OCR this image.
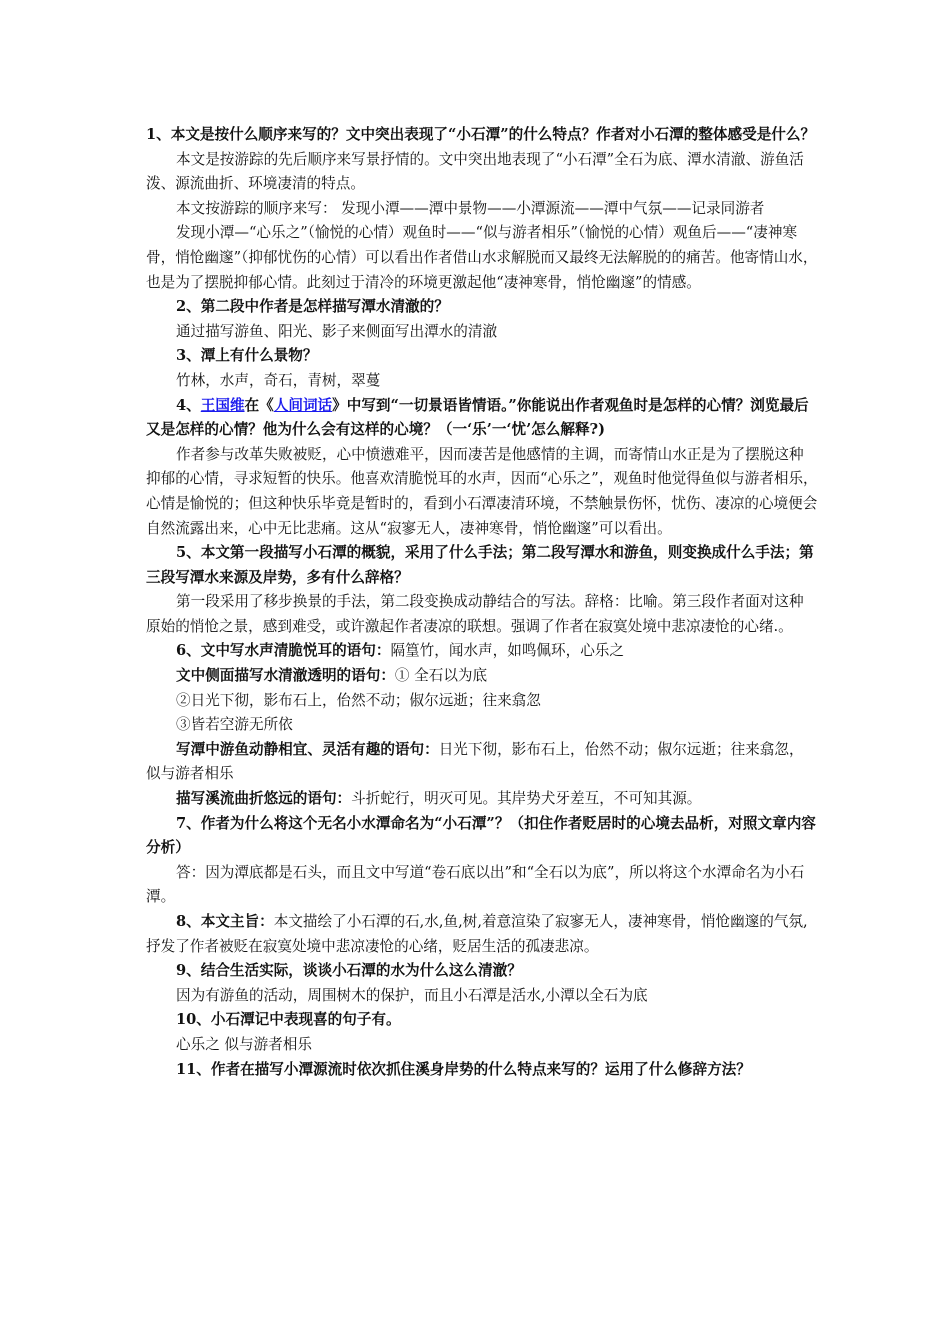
1、本文是按什么顺序来写的？文中突出表现了“小石潭”的什么特点？作者对小石潭的整体感受是什么？

本文是按游踪的先后顺序来写景抒情的。文中突出地表现了“小石潭”全石为底、潭水清澈、游鱼活泼、源流曲折、环境凄清的特点。

本文按游踪的顺序来写： 发现小潭——潭中景物——小潭源流——潭中气氛——记录同游者

发现小潭—“心乐之”（愉悦的心情）观鱼时——“似与游者相乐”（愉悦的心情）观鱼后——“凄神寒骨，悄怆幽邃”（抑郁忧伤的心情）可以看出作者借山水求解脱而又最终无法解脱的的痛苦。他寄情山水，也是为了摆脱抑郁心情。此刻过于清冷的环境更激起他“凄神寒骨，悄怆幽邃”的情感。

2、第二段中作者是怎样描写潭水清澈的？

通过描写游鱼、阳光、影子来侧面写出潭水的清澈

3、潭上有什么景物？

竹林，水声，奇石，青树，翠蔓

4、王国维在《人间词话》中写到“一切景语皆情语。”你能说出作者观鱼时是怎样的心情？浏览最后又是怎样的心情？他为什么会有这样的心境？（一‘乐’一‘忧’怎么解释?)

作者参与改革失败被贬，心中愤懑难平，因而凄苦是他感情的主调，而寄情山水正是为了摆脱这种抑郁的心情，寻求短暂的快乐。他喜欢清脆悦耳的水声，因而“心乐之”，观鱼时他觉得鱼似与游者相乐，心情是愉悦的；但这种快乐毕竟是暂时的，看到小石潭凄清环境，不禁触景伤怀，忧伤、凄凉的心境便会自然流露出来，心中无比悲痛。这从“寂寥无人，凄神寒骨，悄怆幽邃”可以看出。

5、本文第一段描写小石潭的概貌，采用了什么手法；第二段写潭水和游鱼，则变换成什么手法；第三段写潭水来源及岸势，多有什么辞格？

第一段采用了移步换景的手法，第二段变换成动静结合的写法。辞格：比喻。第三段作者面对这种原始的悄怆之景，感到难受，或许激起作者凄凉的联想。强调了作者在寂寞处境中悲凉凄怆的心绪.。

6、文中写水声清脆悦耳的语句：隔篁竹，闻水声，如鸣佩环，心乐之

文中侧面描写水清澈透明的语句：① 全石以为底

②日光下彻，影布石上，佁然不动；俶尔远逝；往来翕忽

③皆若空游无所依

写潭中游鱼动静相宜、灵活有趣的语句：日光下彻，影布石上，佁然不动；俶尔远逝；往来翕忽，似与游者相乐

描写溪流曲折悠远的语句：斗折蛇行，明灭可见。其岸势犬牙差互，不可知其源。

7、作者为什么将这个无名小水潭命名为“小石潭”？（扣住作者贬居时的心境去品析，对照文章内容分析）

答：因为潭底都是石头，而且文中写道“卷石底以出”和“全石以为底”，所以将这个水潭命名为小石潭。

8、本文主旨：本文描绘了小石潭的石,水,鱼,树,着意渲染了寂寥无人，凄神寒骨，悄怆幽邃的气氛,抒发了作者被贬在寂寞处境中悲凉凄怆的心绪，贬居生活的孤凄悲凉。

9、结合生活实际，谈谈小石潭的水为什么这么清澈？

因为有游鱼的活动，周围树木的保护，而且小石潭是活水,小潭以全石为底

10、小石潭记中表现喜的句子有。

心乐之 似与游者相乐

11、作者在描写小潭源流时依次抓住溪身岸势的什么特点来写的？运用了什么修辞方法？
